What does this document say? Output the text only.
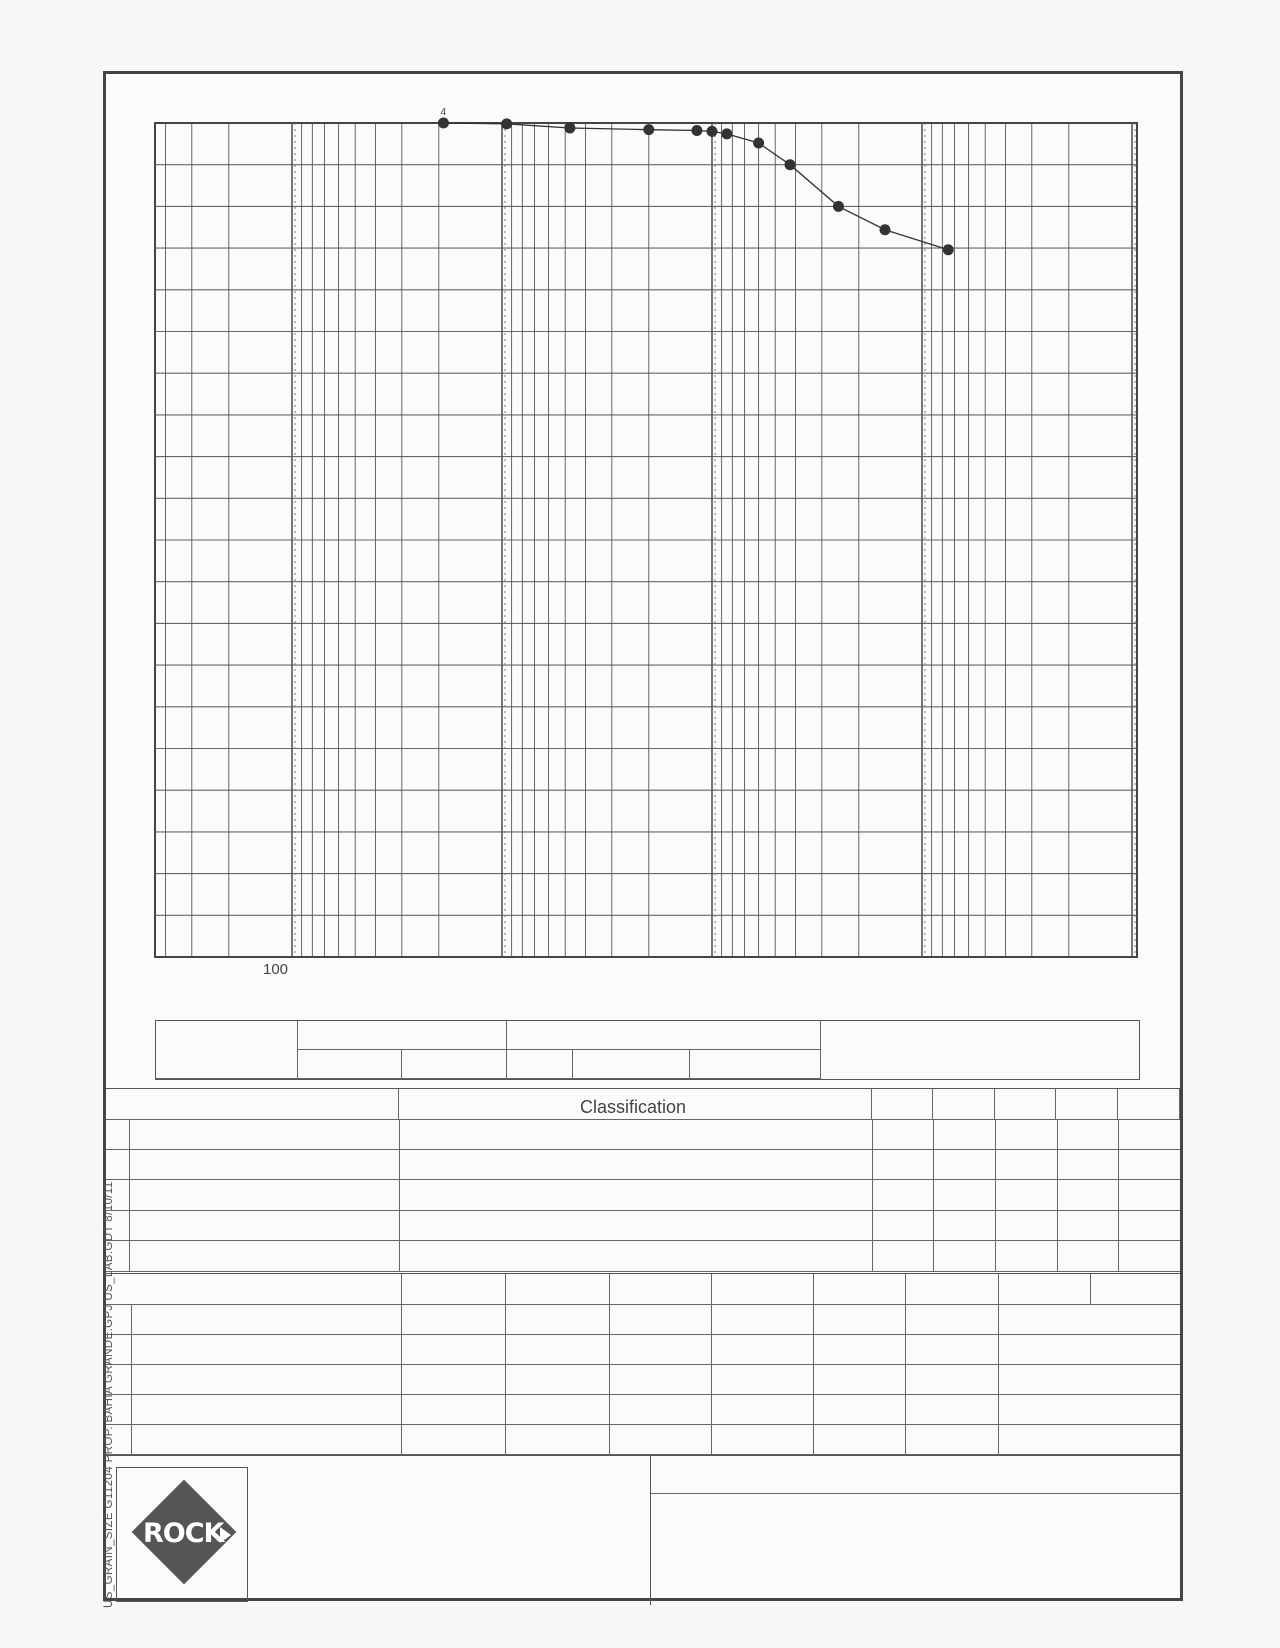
4
100
Classification
ROCK
US_GRAIN_SIZE G11204 PROP. BAHIA GRANDE.GPJ US_LAB.GDT 8/10/11
